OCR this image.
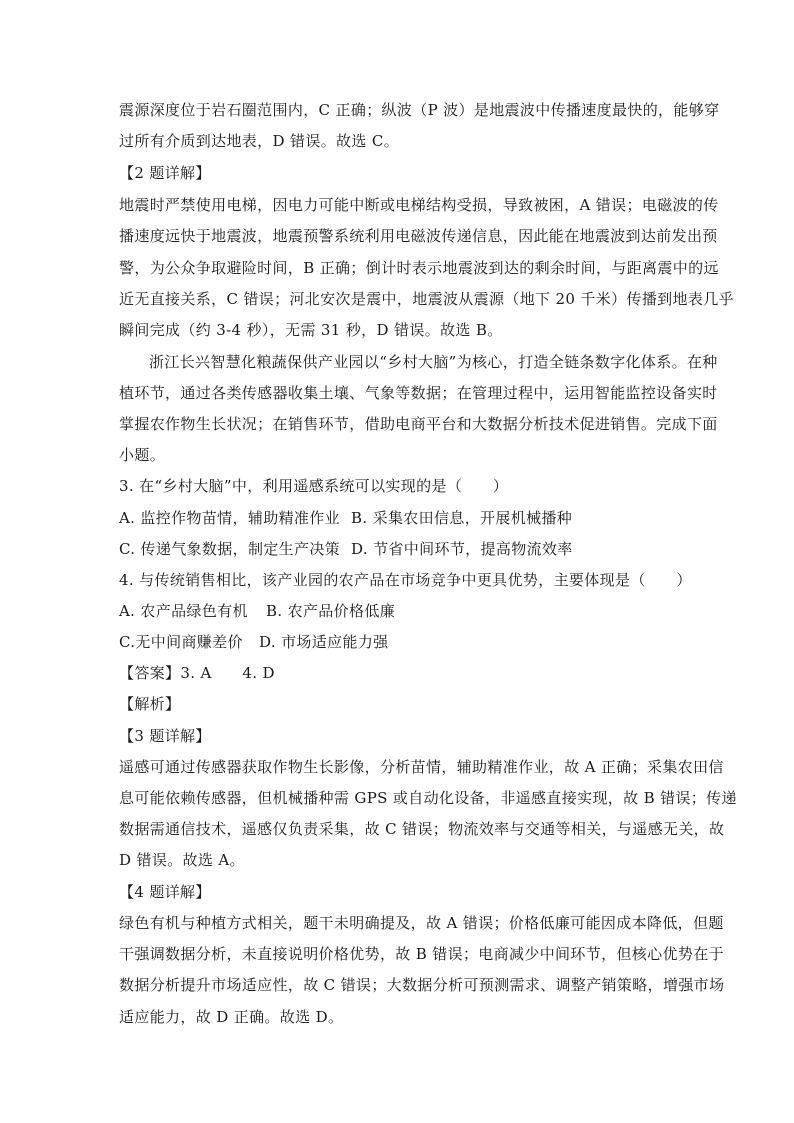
震源深度位于岩石圈范围内，C 正确；纵波（P 波）是地震波中传播速度最快的，能够穿
过所有介质到达地表，D 错误。故选 C。
【2 题详解】
地震时严禁使用电梯，因电力可能中断或电梯结构受损，导致被困，A 错误；电磁波的传
播速度远快于地震波，地震预警系统利用电磁波传递信息，因此能在地震波到达前发出预
警，为公众争取避险时间，B 正确；倒计时表示地震波到达的剩余时间，与距离震中的远
近无直接关系，C 错误；河北安次是震中，地震波从震源（地下 20 千米）传播到地表几乎
瞬间完成（约 3-4 秒），无需 31 秒，D 错误。故选 B。
浙江长兴智慧化粮蔬保供产业园以“乡村大脑”为核心，打造全链条数字化体系。在种
植环节，通过各类传感器收集土壤、气象等数据；在管理过程中，运用智能监控设备实时
掌握农作物生长状况；在销售环节，借助电商平台和大数据分析技术促进销售。完成下面
小题。
3. 在“乡村大脑”中，利用遥感系统可以实现的是（　　）
A. 监控作物苗情，辅助精准作业 B. 采集农田信息，开展机械播种
C. 传递气象数据，制定生产决策 D. 节省中间环节，提高物流效率
4. 与传统销售相比，该产业园的农产品在市场竞争中更具优势，主要体现是（　　）
A. 农产品绿色有机 B. 农产品价格低廉
C.无中间商赚差价 D. 市场适应能力强
【答案】3. A　　4. D
【解析】
【3 题详解】
遥感可通过传感器获取作物生长影像，分析苗情，辅助精准作业，故 A 正确；采集农田信
息可能依赖传感器，但机械播种需 GPS 或自动化设备，非遥感直接实现，故 B 错误；传递
数据需通信技术，遥感仅负责采集，故 C 错误；物流效率与交通等相关，与遥感无关，故
D 错误。故选 A。
【4 题详解】
绿色有机与种植方式相关，题干未明确提及，故 A 错误；价格低廉可能因成本降低，但题
干强调数据分析，未直接说明价格优势，故 B 错误；电商减少中间环节，但核心优势在于
数据分析提升市场适应性，故 C 错误；大数据分析可预测需求、调整产销策略，增强市场
适应能力，故 D 正确。故选 D。
